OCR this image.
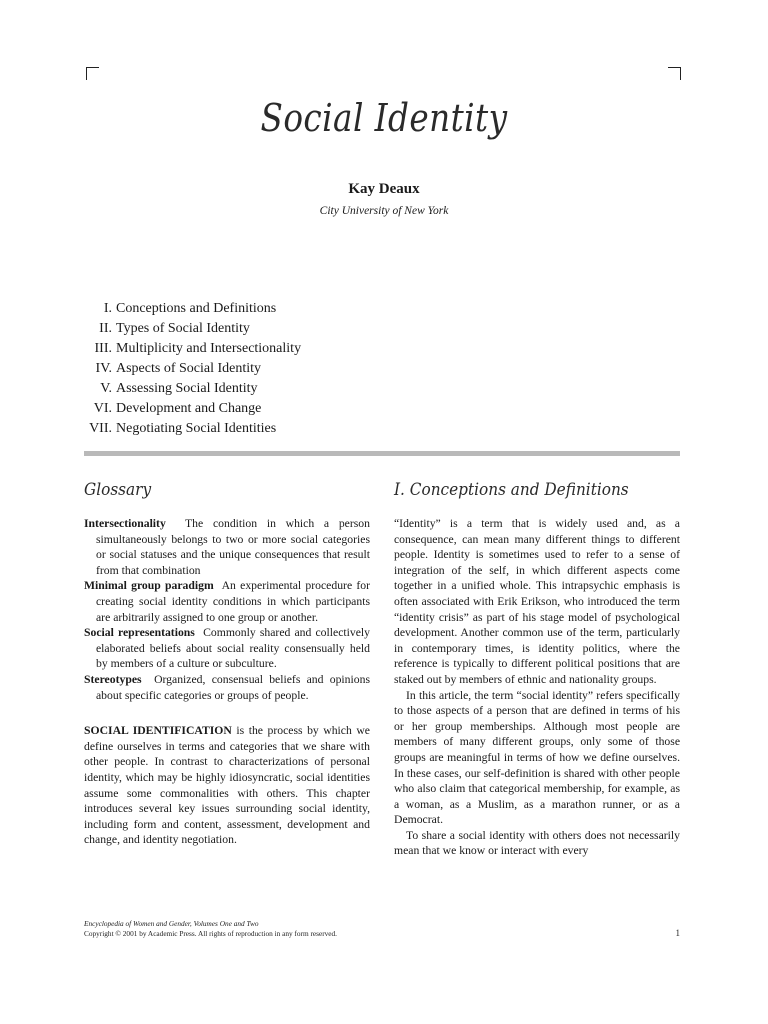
Social Identity

Kay Deaux

City University of New York

I. Conceptions and Definitions
II. Types of Social Identity
III. Multiplicity and Intersectionality
IV. Aspects of Social Identity
V. Assessing Social Identity
VI. Development and Change
VII. Negotiating Social Identities
Glossary

Intersectionality The condition in which a person simultaneously belongs to two or more social categories or social statuses and the unique consequences that result from that combination

Minimal group paradigm An experimental procedure for creating social identity conditions in which participants are arbitrarily assigned to one group or another.

Social representations Commonly shared and collectively elaborated beliefs about social reality consensually held by members of a culture or subculture.

Stereotypes Organized, consensual beliefs and opinions about specific categories or groups of people.

SOCIAL IDENTIFICATION is the process by which we define ourselves in terms and categories that we share with other people. In contrast to characterizations of personal identity, which may be highly idiosyncratic, social identities assume some commonalities with others. This chapter introduces several key issues surrounding social identity, including form and content, assessment, development and change, and identity negotiation.

I. Conceptions and Definitions

“Identity” is a term that is widely used and, as a consequence, can mean many different things to different people. Identity is sometimes used to refer to a sense of integration of the self, in which different aspects come together in a unified whole. This intrapsychic emphasis is often associated with Erik Erikson, who introduced the term “identity crisis” as part of his stage model of psychological development. Another common use of the term, particularly in contemporary times, is identity politics, where the reference is typically to different political positions that are staked out by members of ethnic and nationality groups.

In this article, the term “social identity” refers specifically to those aspects of a person that are defined in terms of his or her group memberships. Although most people are members of many different groups, only some of those groups are meaningful in terms of how we define ourselves. In these cases, our self-definition is shared with other people who also claim that categorical membership, for example, as a woman, as a Muslim, as a marathon runner, or as a Democrat.

To share a social identity with others does not necessarily mean that we know or interact with every

Encyclopedia of Women and Gender, Volumes One and Two
Copyright © 2001 by Academic Press. All rights of reproduction in any form reserved.	1
